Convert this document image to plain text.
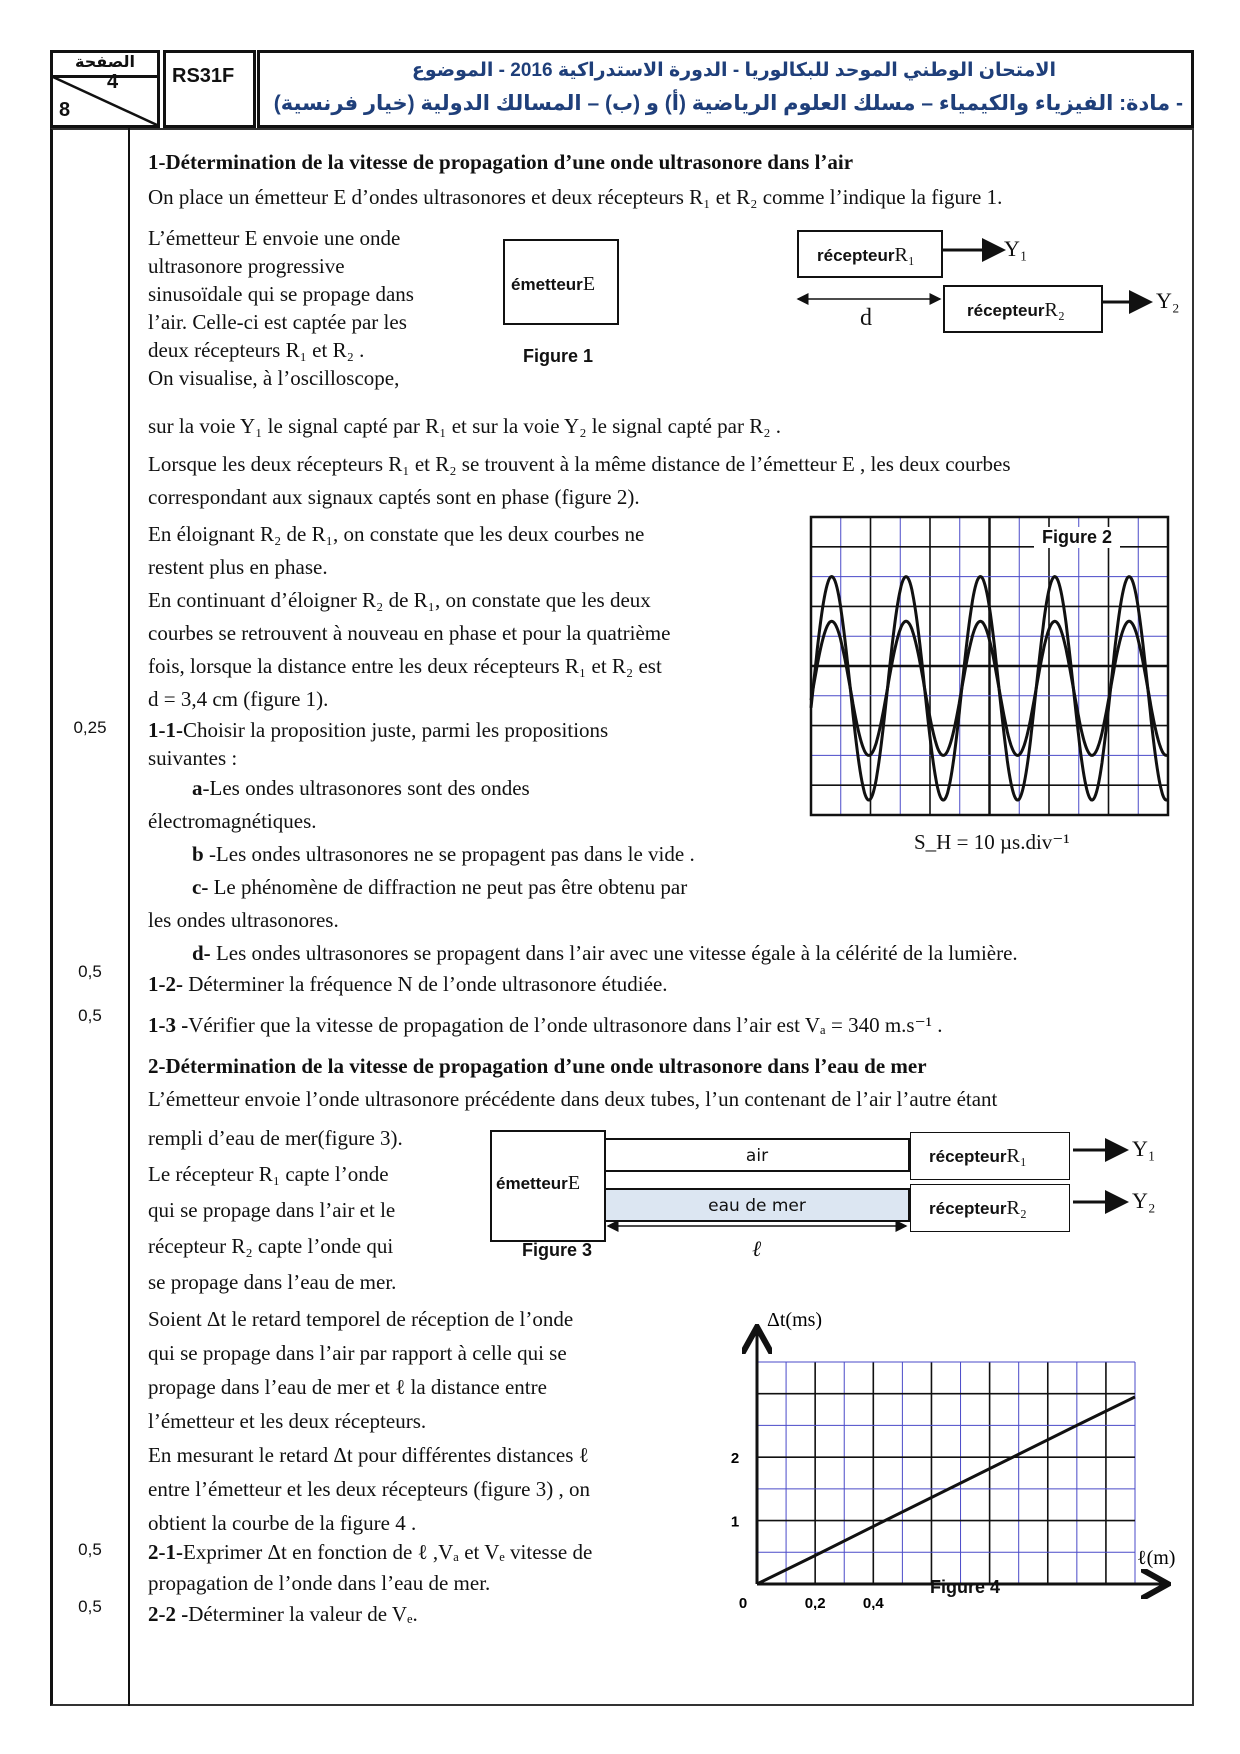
الصفحة
4
8
RS31F	الامتحان الوطني الموحد للبكالوريا - الدورة الاستدراكية 2016 - الموضوع
- مادة: الفيزياء والكيمياء – مسلك العلوم الرياضية (أ) و (ب) – المسالك الدولية (خيار فرنسية)
0,25
0,5
0,5
0,5
0,5
1-Détermination de la vitesse de propagation d’une onde ultrasonore dans l’air
On place un émetteur E d’ondes ultrasonores et deux récepteurs R₁ et R₂ comme l’indique la figure 1.
L’émetteur E envoie une onde
ultrasonore progressive
sinusoïdale qui se propage dans
l’air. Celle-ci est captée par les
deux récepteurs R₁ et R₂ .
On visualise, à l’oscilloscope,
sur la voie Y₁ le signal capté par R₁ et sur la voie Y₂ le signal capté par R₂ .
Lorsque les deux récepteurs R₁ et R₂ se trouvent à la même distance de l’émetteur E , les deux courbes
correspondant aux signaux captés sont en phase (figure 2).
En éloignant R₂ de R₁, on constate que les deux courbes ne
restent plus en phase.
En continuant d’éloigner R₂ de R₁, on constate que les deux
courbes se retrouvent à nouveau en phase et pour la quatrième
fois, lorsque la distance entre les deux récepteurs R₁ et R₂ est
d = 3,4 cm (figure 1).
1-1-Choisir la proposition juste, parmi les propositions
suivantes :
a-Les ondes ultrasonores sont des ondes
électromagnétiques.
b -Les ondes ultrasonores ne se propagent pas dans le vide .
c- Le phénomène de diffraction ne peut pas être obtenu par
les ondes ultrasonores.
d- Les ondes ultrasonores se propagent dans l’air avec une vitesse égale à la célérité de la lumière.
1-2- Déterminer la fréquence N de l’onde ultrasonore étudiée.
1-3 -Vérifier que la vitesse de propagation de l’onde ultrasonore dans l’air est Vₐ = 340 m.s⁻¹ .
émetteurE
Figure 1
récepteurR₁
récepteurR₂
Y₁
Y₂
d
Figure 2
S_H = 10 µs.div⁻¹
2-Détermination de la vitesse de propagation d’une onde ultrasonore dans l’eau de mer
L’émetteur envoie l’onde ultrasonore précédente dans deux tubes, l’un contenant de l’air l’autre étant
rempli d’eau de mer(figure 3).
Le récepteur R₁ capte l’onde
qui se propage dans l’air et le
récepteur R₂ capte l’onde qui
se propage dans l’eau de mer.
Soient Δt le retard temporel de réception de l’onde
qui se propage dans l’air par rapport à celle qui se
propage dans l’eau de mer et ℓ la distance entre
l’émetteur et les deux récepteurs.
En mesurant le retard Δt pour différentes distances ℓ
entre l’émetteur et les deux récepteurs (figure 3) , on
obtient la courbe de la figure 4 .
2-1-Exprimer Δt en fonction de ℓ ,Vₐ et Vₑ vitesse de
propagation de l’onde dans l’eau de mer.
2-2 -Déterminer la valeur de Vₑ.
émetteurE
air
eau de mer
récepteurR₁
récepteurR₂
Y₁
Y₂
ℓ
Figure 3
0	0,2 0,4
1
2
Δt(ms)
ℓ(m)
Figure 4
